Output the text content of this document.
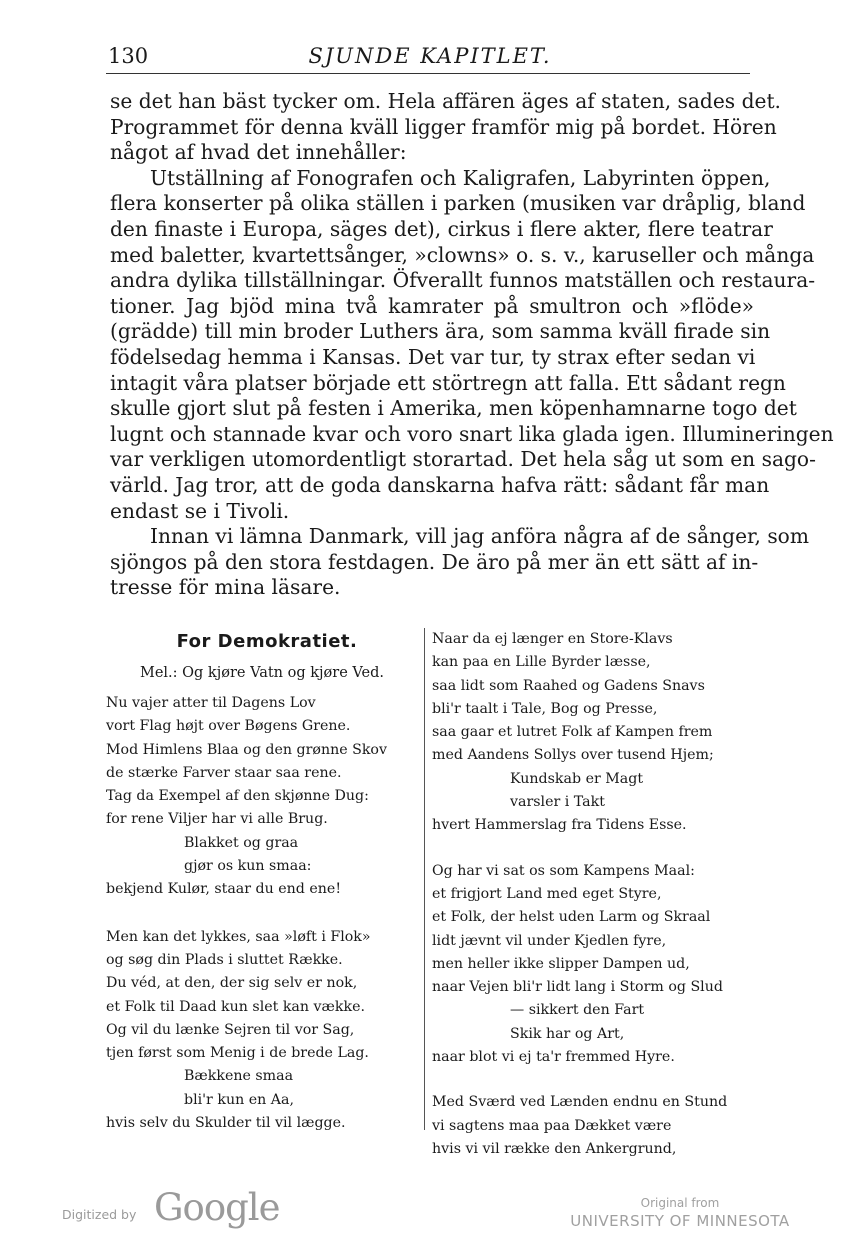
130	SJUNDE KAPITLET.
se det han bäst tycker om. Hela affären äges af staten, sades det.
Programmet för denna kväll ligger framför mig på bordet. Hören
något af hvad det innehåller:
Utställning af Fonografen och Kaligrafen, Labyrinten öppen,
flera konserter på olika ställen i parken (musiken var dråplig, bland
den finaste i Europa, säges det), cirkus i flere akter, flere teatrar
med baletter, kvartettsånger, »clowns» o. s. v., karuseller och många
andra dylika tillställningar. Öfverallt funnos matställen och restaura-
tioner. Jag bjöd mina två kamrater på smultron och »flöde»
(grädde) till min broder Luthers ära, som samma kväll firade sin
födelsedag hemma i Kansas. Det var tur, ty strax efter sedan vi
intagit våra platser började ett störtregn att falla. Ett sådant regn
skulle gjort slut på festen i Amerika, men köpenhamnarne togo det
lugnt och stannade kvar och voro snart lika glada igen. Illumineringen
var verkligen utomordentligt storartad. Det hela såg ut som en sago-
värld. Jag tror, att de goda danskarna hafva rätt: sådant får man
endast se i Tivoli.
Innan vi lämna Danmark, vill jag anföra några af de sånger, som
sjöngos på den stora festdagen. De äro på mer än ett sätt af in-
tresse för mina läsare.
For Demokratiet.
Mel.: Og kjøre Vatn og kjøre Ved.
Nu vajer atter til Dagens Lov
vort Flag højt over Bøgens Grene.
Mod Himlens Blaa og den grønne Skov
de stærke Farver staar saa rene.
Tag da Exempel af den skjønne Dug:
for rene Viljer har vi alle Brug.
Blakket og graa
gjør os kun smaa:
bekjend Kulør, staar du end ene!
Men kan det lykkes, saa »løft i Flok»
og søg din Plads i sluttet Række.
Du véd, at den, der sig selv er nok,
et Folk til Daad kun slet kan vække.
Og vil du lænke Sejren til vor Sag,
tjen først som Menig i de brede Lag.
Bækkene smaa
bli'r kun en Aa,
hvis selv du Skulder til vil lægge.
Naar da ej længer en Store-Klavs
kan paa en Lille Byrder læsse,
saa lidt som Raahed og Gadens Snavs
bli'r taalt i Tale, Bog og Presse,
saa gaar et lutret Folk af Kampen frem
med Aandens Sollys over tusend Hjem;
Kundskab er Magt
varsler i Takt
hvert Hammerslag fra Tidens Esse.
Og har vi sat os som Kampens Maal:
et frigjort Land med eget Styre,
et Folk, der helst uden Larm og Skraal
lidt jævnt vil under Kjedlen fyre,
men heller ikke slipper Dampen ud,
naar Vejen bli'r lidt lang i Storm og Slud
— sikkert den Fart
Skik har og Art,
naar blot vi ej ta'r fremmed Hyre.
Med Sværd ved Lænden endnu en Stund
vi sagtens maa paa Dækket være
hvis vi vil række den Ankergrund,
Digitized by Google	Original from
UNIVERSITY OF MINNESOTA
